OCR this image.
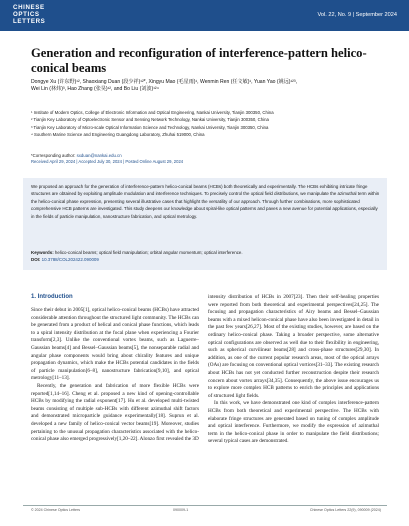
CHINESE
OPTICS
LETTERS
Vol. 22, No. 9 | September 2024
Generation and reconfiguration of interference-pattern helico-conical beams
Dongye Xu (许东野)¹², Shaoxiang Duan (段少祥)¹²*, Xingyu Mao (毛星雨)¹, Wenmin Ren (任文敏)¹, Yuan Yao (姚远)¹²³,
Wei Lin (林炜)³, Hao Zhang (张昊)¹², and Bo Liu (刘波)¹²⁴
¹ Institute of Modern Optics, College of Electronic Information and Optical Engineering, Nankai University, Tianjin 300350, China
² Tianjin Key Laboratory of Optoelectronic Sensor and Sensing Network Technology, Nankai University, Tianjin 300350, China
³ Tianjin Key Laboratory of Micro-scale Optical Information Science and Technology, Nankai University, Tianjin 300350, China
⁴ Southern Marine Science and Engineering Guangdong Laboratory, Zhuhai 519000, China
*Corresponding author: sxduan@nankai.edu.cn
Received April 29, 2024 | Accepted July 30, 2024 | Posted Online August 29, 2024

We proposed an approach for the generation of interference-pattern helico-conical beams (HCBs) both theoretically and experimentally. The HCBs exhibiting intricate fringe structures are obtained by exploiting amplitude modulation and interference techniques. To precisely control the optical field distributions, we manipulate the azimuthal term within the helico-conical phase expression, presenting several illustrative cases that highlight the versatility of our approach. Through further combinations, more sophisticated comprehensive HCB patterns are investigated. This study deepens our knowledge about spiral-like optical patterns and paves a new avenue for potential applications, especially in the fields of particle manipulation, nanostructure fabrication, and optical metrology.

Keywords: helico-conical beams; optical field manipulation; orbital angular momentum; optical interference.
DOI: 10.3788/COL202422.090009
1. Introduction

Since their debut in 2005[1], optical helico-conical beams (HCBs) have attracted considerable attention throughout the structured light community. The HCBs can be generated from a product of helical and conical phase functions, which leads to a spiral intensity distribution at the focal plane when experiencing a Fourier transform[2,3]. Unlike the conventional vortex beams, such as Laguerre–Gaussian beams[4] and Bessel–Gaussian beams[5], the nonseparable radial and angular phase components would bring about chirality features and unique propagation dynamics, which make the HCBs potential candidates in the fields of particle manipulation[6–8], nanostructure fabrication[9,10], and optical metrology[11–13].

Recently, the generation and fabrication of more flexible HCBs were reported[1,14–16]. Cheng et al. proposed a new kind of opening-controllable HCBs by modifying the radial exponent[17]. Hu et al. developed multi-twisted beams consisting of multiple sub-HCBs with different azimuthal shift factors and demonstrated microparticle guidance experimentally[18]. Suprun et al. developed a new family of helico-conical vector beams[19]. Moreover, studies pertaining to the unusual propagation characteristics associated with the helico-conical phase also emerged progressively[1,20–22]. Alonzo first revealed the 3D

intensity distribution of HCBs in 2007[23]. Then their self-healing properties were reported from both theoretical and experimental perspectives[24,25]. The focusing and propagation characteristics of Airy beams and Bessel–Gaussian beams with a mixed helicon-conical phase have also been investigated in detail in the past few years[26,27]. Most of the existing studies, however, are based on the ordinary helico-conical phase. Taking a broader perspective, some alternative optical configurations are observed as well due to their flexibility in engineering, such as spherical curvilinear beams[28] and cross-phase structures[29,30]. In addition, as one of the current popular research areas, most of the optical arrays (OAs) are focusing on conventional optical vortices[31–33]. The existing research about HCBs has not yet conducted further reconstruction despite their research concern about vortex arrays[34,35]. Consequently, the above issue encourages us to explore more complex HCB patterns to enrich the principles and applications of structured light fields.

In this work, we have demonstrated one kind of complex interference-pattern HCBs from both theoretical and experimental perspective. The HCBs with elaborate fringe structures are generated based on tuning of complex amplitude and optical interference. Furthermore, we modify the expression of azimuthal term in the helico-conical phase in order to manipulate the field distributions; several typical cases are demonstrated.

© 2024 Chinese Optics Letters	090009-1	Chinese Optics Letters 22(9), 090009 (2024)
